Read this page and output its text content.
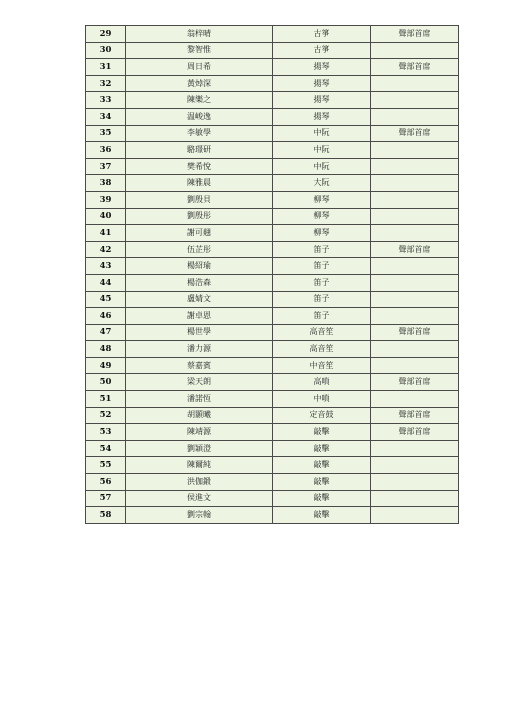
29	翁梓晴	古箏	聲部首席
30	黎智惟	古箏	
31	周日希	揚琴	聲部首席
32	黃焯深	揚琴	
33	陳樂之	揚琴	
34	温峻逸	揚琴	
35	李敏學	中阮	聲部首席
36	駱璟研	中阮	
37	樊希悅	中阮	
38	陳雅晨	大阮	
39	劉殷貝	柳琴	
40	劉殷彤	柳琴	
41	謝可翹	柳琴	
42	伍芷彤	笛子	聲部首席
43	楊紹瑜	笛子	
44	楊浩森	笛子	
45	盧婧文	笛子	
46	謝卓恩	笛子	
47	楊世學	高音笙	聲部首席
48	潘力源	高音笙	
49	蔡嘉賓	中音笙	
50	梁天朗	高嗩	聲部首席
51	潘諾恆	中嗩	
52	胡顥曦	定音鼓	聲部首席
53	陳靖源	敲擊	聲部首席
54	劉穎澄	敲擊	
55	陳爾純	敲擊	
56	洪伽鍛	敲擊	
57	侯進文	敲擊	
58	劉宗翰	敲擊	
